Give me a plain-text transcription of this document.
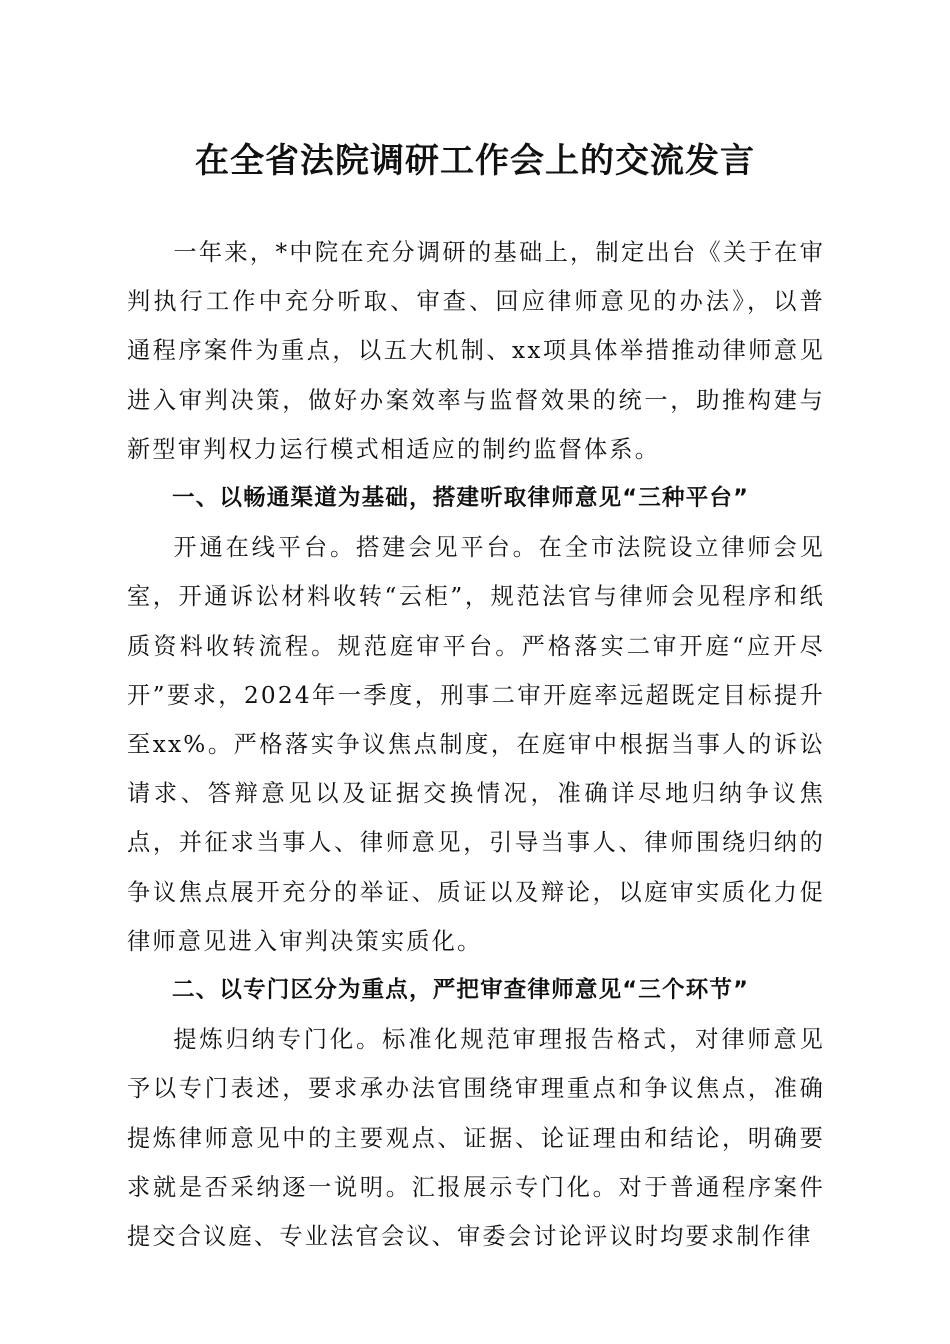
在全省法院调研工作会上的交流发言

一年来，*中院在充分调研的基础上，制定出台《关于在审判执行工作中充分听取、审查、回应律师意见的办法》，以普通程序案件为重点，以五大机制、xx项具体举措推动律师意见进入审判决策，做好办案效率与监督效果的统一，助推构建与新型审判权力运行模式相适应的制约监督体系。

一、以畅通渠道为基础，搭建听取律师意见“三种平台”

开通在线平台。搭建会见平台。在全市法院设立律师会见室，开通诉讼材料收转“云柜”，规范法官与律师会见程序和纸质资料收转流程。规范庭审平台。严格落实二审开庭“应开尽开”要求，2024年一季度，刑事二审开庭率远超既定目标提升至xx%。严格落实争议焦点制度，在庭审中根据当事人的诉讼请求、答辩意见以及证据交换情况，准确详尽地归纳争议焦点，并征求当事人、律师意见，引导当事人、律师围绕归纳的争议焦点展开充分的举证、质证以及辩论，以庭审实质化力促律师意见进入审判决策实质化。

二、以专门区分为重点，严把审查律师意见“三个环节”

提炼归纳专门化。标准化规范审理报告格式，对律师意见予以专门表述，要求承办法官围绕审理重点和争议焦点，准确提炼律师意见中的主要观点、证据、论证理由和结论，明确要求就是否采纳逐一说明。汇报展示专门化。对于普通程序案件提交合议庭、专业法官会议、审委会讨论评议时均要求制作律
